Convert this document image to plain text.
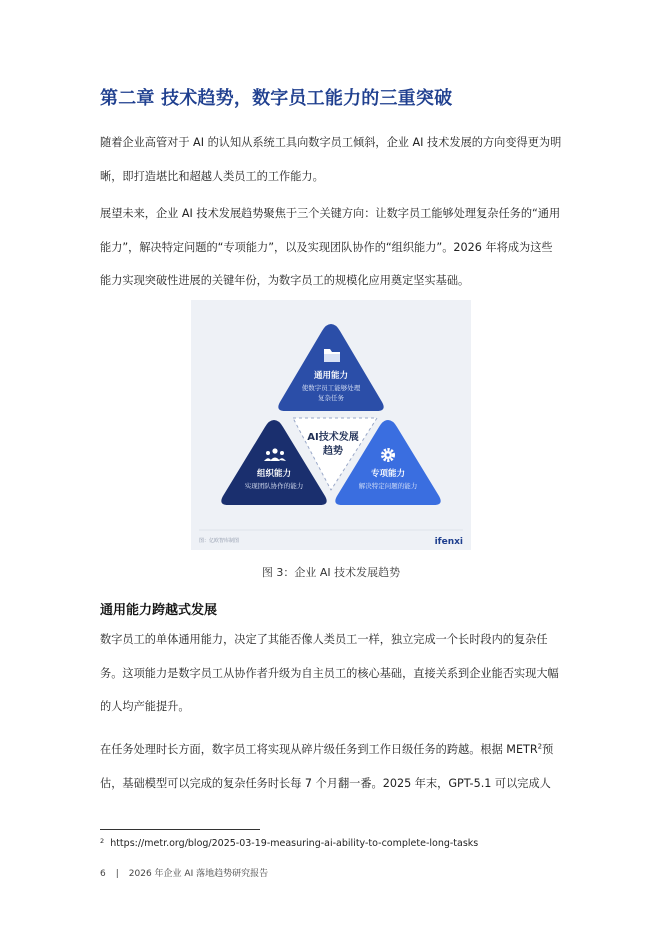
第二章 技术趋势，数字员工能力的三重突破

随着企业高管对于 AI 的认知从系统工具向数字员工倾斜，企业 AI 技术发展的方向变得更为明晰，即打造堪比和超越人类员工的工作能力。

展望未来，企业 AI 技术发展趋势聚焦于三个关键方向：让数字员工能够处理复杂任务的“通用能力”，解决特定问题的“专项能力”，以及实现团队协作的“组织能力”。2026 年将成为这些能力实现突破性进展的关键年份，为数字员工的规模化应用奠定坚实基础。

AI技术发展
趋势
通用能力
使数字员工能够处理
复杂任务
组织能力
实现团队协作的能力
专项能力
解决特定问题的能力
图：亿欧智库制图	ifenxi
图 3：企业 AI 技术发展趋势
通用能力跨越式发展

数字员工的单体通用能力，决定了其能否像人类员工一样，独立完成一个长时段内的复杂任务。这项能力是数字员工从协作者升级为自主员工的核心基础，直接关系到企业能否实现大幅的人均产能提升。

在任务处理时长方面，数字员工将实现从碎片级任务到工作日级任务的跨越。根据 METR$^2$预估，基础模型可以完成的复杂任务时长每 7 个月翻一番。2025 年末，GPT-5.1 可以完成人

$^2$ https://metr.org/blog/2025-03-19-measuring-ai-ability-to-complete-long-tasks
6 | 2026 年企业 AI 落地趋势研究报告
